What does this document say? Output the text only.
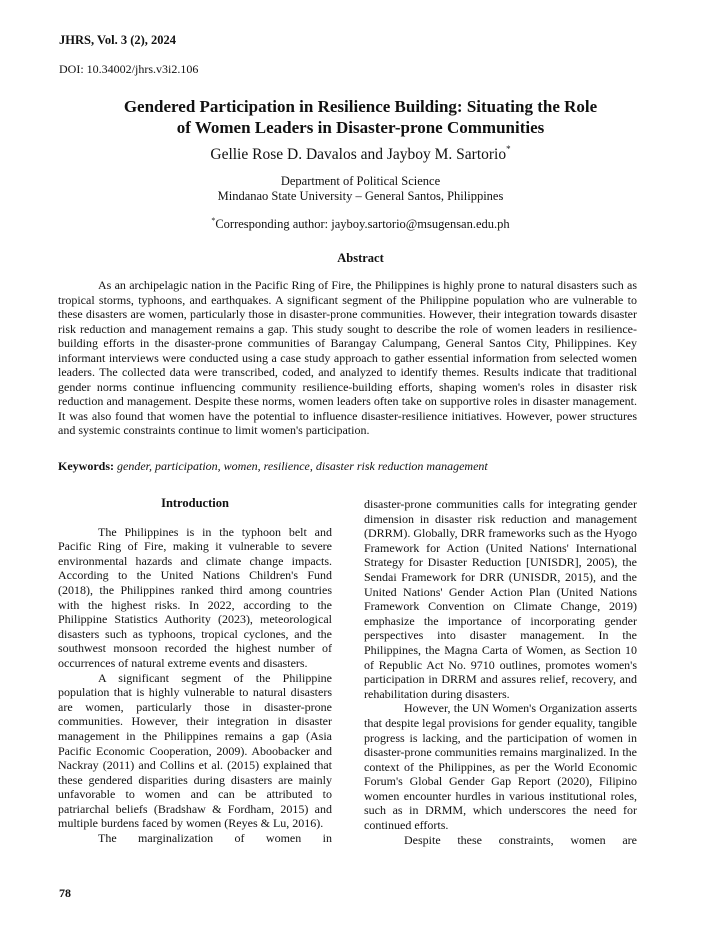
JHRS, Vol. 3 (2), 2024

DOI: 10.34002/jhrs.v3i2.106

Gendered Participation in Resilience Building: Situating the Role
of Women Leaders in Disaster-prone Communities

Gellie Rose D. Davalos and Jayboy M. Sartorio*

Department of Political Science
Mindanao State University – General Santos, Philippines
*Corresponding author: jayboy.sartorio@msugensan.edu.ph
Abstract

As an archipelagic nation in the Pacific Ring of Fire, the Philippines is highly prone to natural disasters such as tropical storms, typhoons, and earthquakes. A significant segment of the Philippine population who are vulnerable to these disasters are women, particularly those in disaster-prone communities. However, their integration towards disaster risk reduction and management remains a gap. This study sought to describe the role of women leaders in resilience-building efforts in the disaster-prone communities of Barangay Calumpang, General Santos City, Philippines. Key informant interviews were conducted using a case study approach to gather essential information from selected women leaders. The collected data were transcribed, coded, and analyzed to identify themes. Results indicate that traditional gender norms continue influencing community resilience-building efforts, shaping women's roles in disaster risk reduction and management. Despite these norms, women leaders often take on supportive roles in disaster management. It was also found that women have the potential to influence disaster-resilience initiatives. However, power structures and systemic constraints continue to limit women's participation.

Keywords: gender, participation, women, resilience, disaster risk reduction management

Introduction

The Philippines is in the typhoon belt and Pacific Ring of Fire, making it vulnerable to severe environmental hazards and climate change impacts. According to the United Nations Children's Fund (2018), the Philippines ranked third among countries with the highest risks. In 2022, according to the Philippine Statistics Authority (2023), meteorological disasters such as typhoons, tropical cyclones, and the southwest monsoon recorded the highest number of occurrences of natural extreme events and disasters.

A significant segment of the Philippine population that is highly vulnerable to natural disasters are women, particularly those in disaster-prone communities. However, their integration in disaster management in the Philippines remains a gap (Asia Pacific Economic Cooperation, 2009). Aboobacker and Nackray (2011) and Collins et al. (2015) explained that these gendered disparities during disasters are mainly unfavorable to women and can be attributed to patriarchal beliefs (Bradshaw & Fordham, 2015) and multiple burdens faced by women (Reyes & Lu, 2016).

The marginalization of women in

disaster-prone communities calls for integrating gender dimension in disaster risk reduction and management (DRRM). Globally, DRR frameworks such as the Hyogo Framework for Action (United Nations' International Strategy for Disaster Reduction [UNISDR], 2005), the Sendai Framework for DRR (UNISDR, 2015), and the United Nations' Gender Action Plan (United Nations Framework Convention on Climate Change, 2019) emphasize the importance of incorporating gender perspectives into disaster management. In the Philippines, the Magna Carta of Women, as Section 10 of Republic Act No. 9710 outlines, promotes women's participation in DRRM and assures relief, recovery, and rehabilitation during disasters.

However, the UN Women's Organization asserts that despite legal provisions for gender equality, tangible progress is lacking, and the participation of women in disaster-prone communities remains marginalized. In the context of the Philippines, as per the World Economic Forum's Global Gender Gap Report (2020), Filipino women encounter hurdles in various institutional roles, such as in DRMM, which underscores the need for continued efforts.

Despite these constraints, women are

78
